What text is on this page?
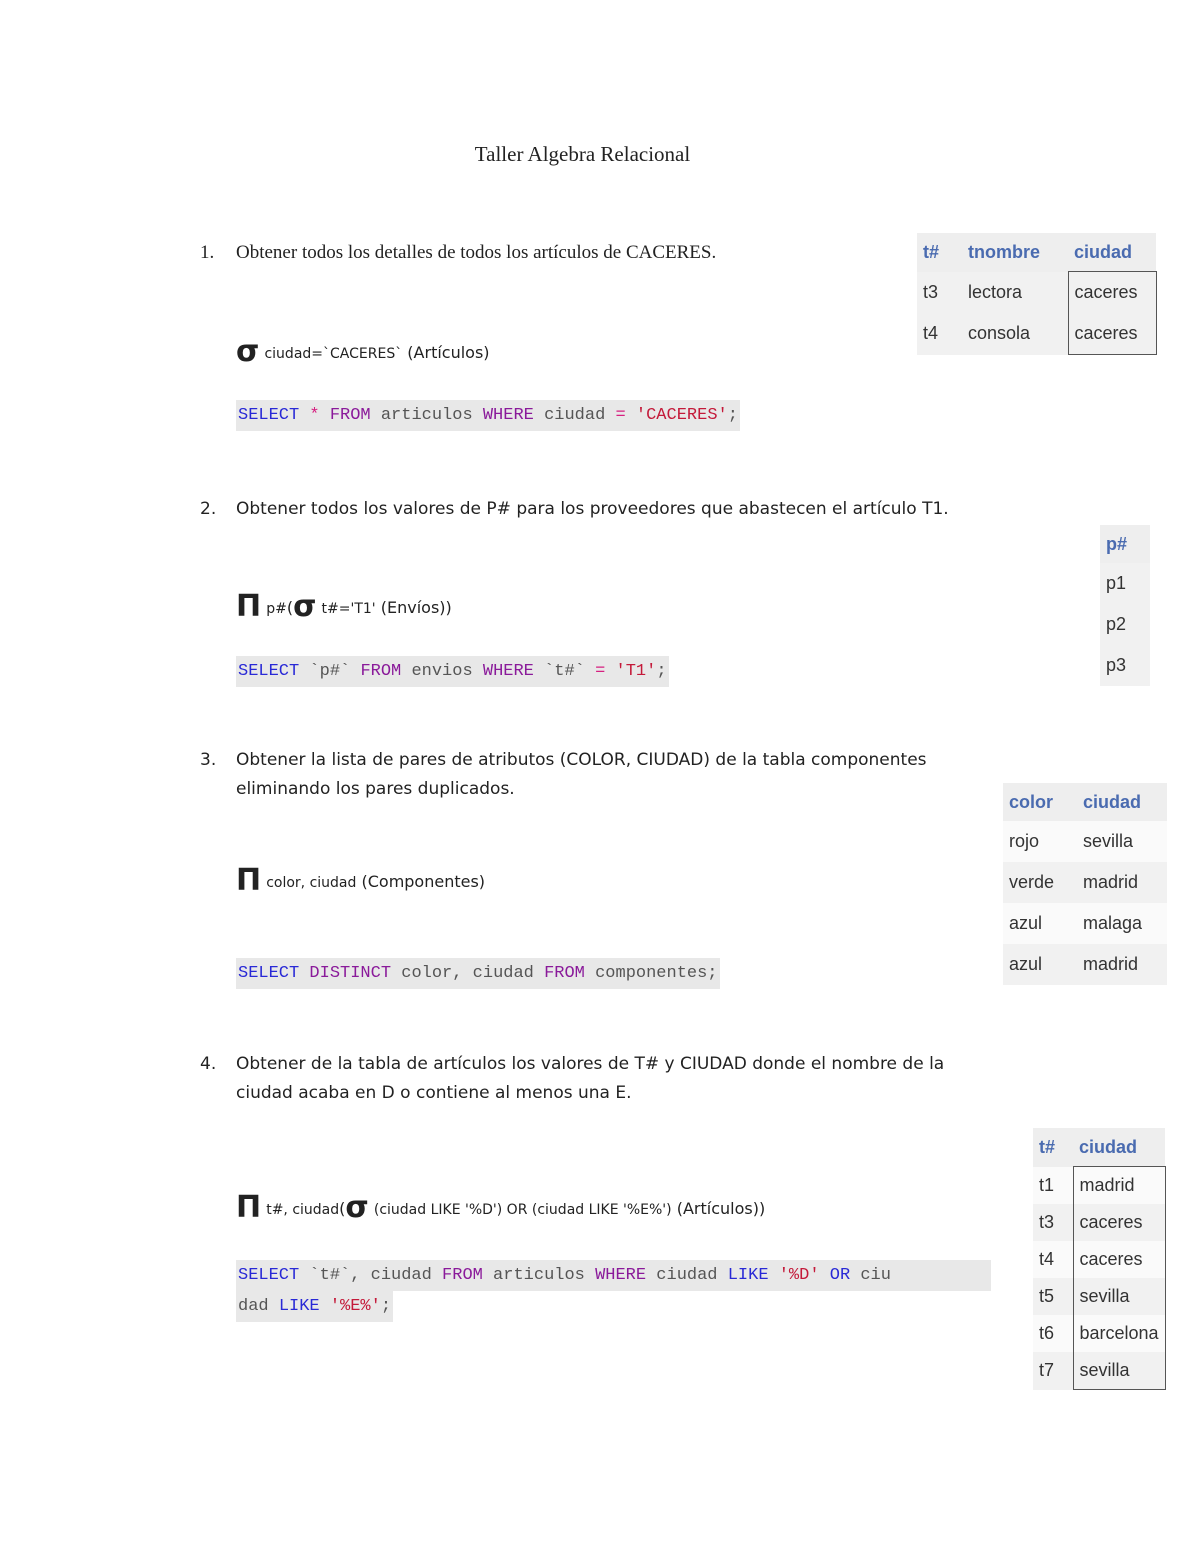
Taller Algebra Relacional
1. Obtener todos los detalles de todos los artículos de CACERES.
σ ciudad=`CACERES` (Artículos)
SELECT * FROM articulos WHERE ciudad = 'CACERES';
t#	tnombre	ciudad
t3	lectora	caceres
t4	consola	caceres
2. Obtener todos los valores de P# para los proveedores que abastecen el artículo T1.
Π p#(σ t#='T1' (Envíos))
SELECT `p#` FROM envios WHERE `t#` = 'T1';
p#
p1
p2
p3
3. Obtener la lista de pares de atributos (COLOR, CIUDAD) de la tabla componentes
eliminando los pares duplicados.
Π color, ciudad (Componentes)
SELECT DISTINCT color, ciudad FROM componentes;
color	ciudad
rojo	sevilla
verde	madrid
azul	malaga
azul	madrid
4. Obtener de la tabla de artículos los valores de T# y CIUDAD donde el nombre de la
ciudad acaba en D o contiene al menos una E.
Π t#, ciudad(σ (ciudad LIKE '%D') OR (ciudad LIKE '%E%') (Artículos))
SELECT `t#`, ciudad FROM articulos WHERE ciudad LIKE '%D' OR ciu
dad LIKE '%E%';
t#	ciudad
t1	madrid
t3	caceres
t4	caceres
t5	sevilla
t6	barcelona
t7	sevilla
